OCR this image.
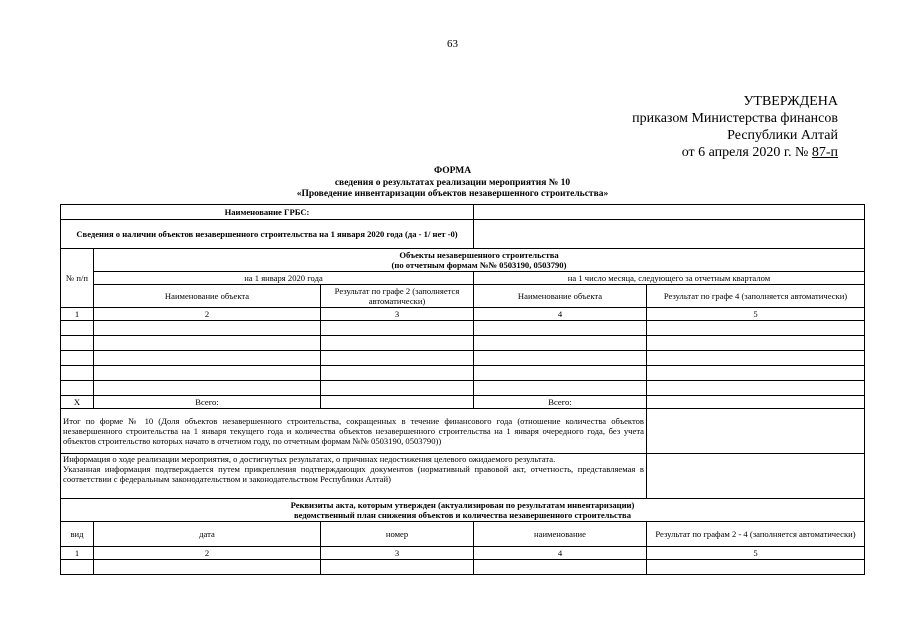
63
УТВЕРЖДЕНА
приказом Министерства финансов
Республики Алтай
от 6 апреля 2020 г. № 87-п
ФОРМА
сведения о результатах реализации мероприятия № 10
«Проведение инвентаризации объектов незавершенного строительства»
Наименование ГРБС:				
Сведения о наличии объектов незавершенного строительства на 1 января 2020 года (да - 1/ нет -0)				
№ п/п	Объекты незавершенного строительства
(по отчетным формам №№ 0503190, 0503790)			

	на 1 января 2020 года		на 1 число месяца, следующего за отчетным кварталом	
	Наименование объекта	Результат по графе 2 (заполняется автоматически)	Наименование объекта	Результат по графе 4 (заполняется автоматически)
1	2	3	4	5

Х	Всего:		Всего:	
Итог по форме № 10 (Доля объектов незавершенного строительства, сокращенных в течение финансового года (отношение количества объектов незавершенного строительства на 1 января текущего года и количества объектов незавершенного строительства на 1 января очередного года, без учета объектов строительство которых начато в отчетном году, по отчетным формам №№ 0503190, 0503790))				

Информация о ходе реализации мероприятия, о достигнутых результатах, о причинах недостижения целевого ожидаемого результата.
Указанная информация подтверждается путем прикрепления подтверждающих документов (нормативный правовой акт, отчетность, представляемая в соответствии с федеральным законодательством и законодательством Республики Алтай)				

Реквизиты акта, которым утвержден (актуализирован по результатам инвентаризации)
ведомственный план снижения объектов и количества незавершенного строительства				

вид	дата	номер	наименование	Результат по графам 2 - 4 (заполняется автоматически)
1	2	3	4	5
